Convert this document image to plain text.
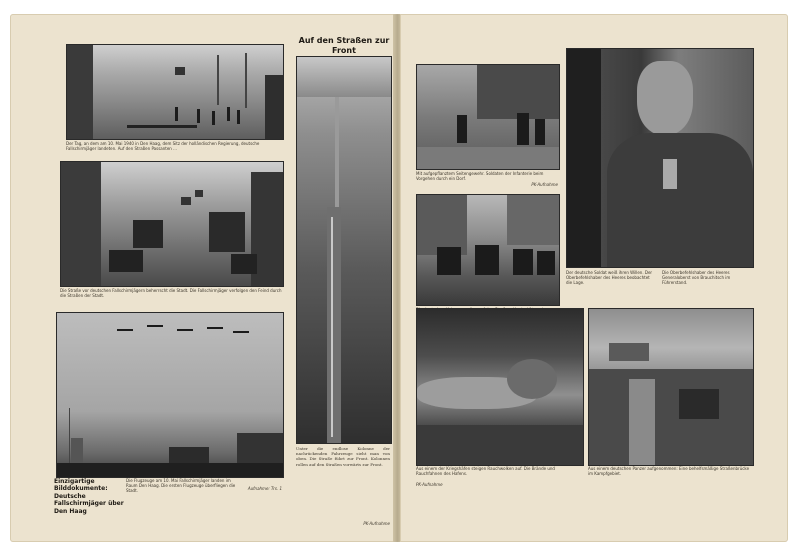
Der Tag, an dem am 10. Mai 1940 in Den Haag, dem Sitz der holländischen Regierung, deutsche Fallschirmjäger landeten. Auf den Straßen Passanten ...
Die Straße vor deutschen Fallschirmjägern beherrscht die Stadt. Die Fallschirmjäger verfolgen den Feind durch die Straßen der Stadt.
Die Flugzeuge am 10. Mai Fallschirmjäger landen im Raum Den Haag. Die ersten Flugzeuge überfliegen die Stadt.	Aufnahme: Trs. 1
Einzigartige Bilddokumente: Deutsche Fallschirmjäger über Den Haag
Auf den Straßen zur Front
Unter die endlose Kolonne der nachrückenden Fahrzeuge sieht man von oben. Die Straße führt zur Front. Kolonnen rollen auf den Straßen vorwärts zur Front.
PK-Aufnahme
Mit aufgepflanztem Seitengewehr. Soldaten der Infanterie beim Vorgehen durch ein Dorf.
PK-Aufnahme
Der deutsche Soldat weiß ihren Willen. Der Oberbefehlshaber des Heeres beobachtet die Lage.
Die Oberbefehlshaber des Heeres Generaloberst von Brauchitsch im Führerstand.
Aus einem der Kriegshäfen steigen Rauchwolken auf. Die Brände und Rauchfahnen des Hafens.
PK-Aufnahme
Aus einem deutschen Panzer aufgenommen: Eine behelfsmäßige Straßenbrücke im Kampfgebiet.
